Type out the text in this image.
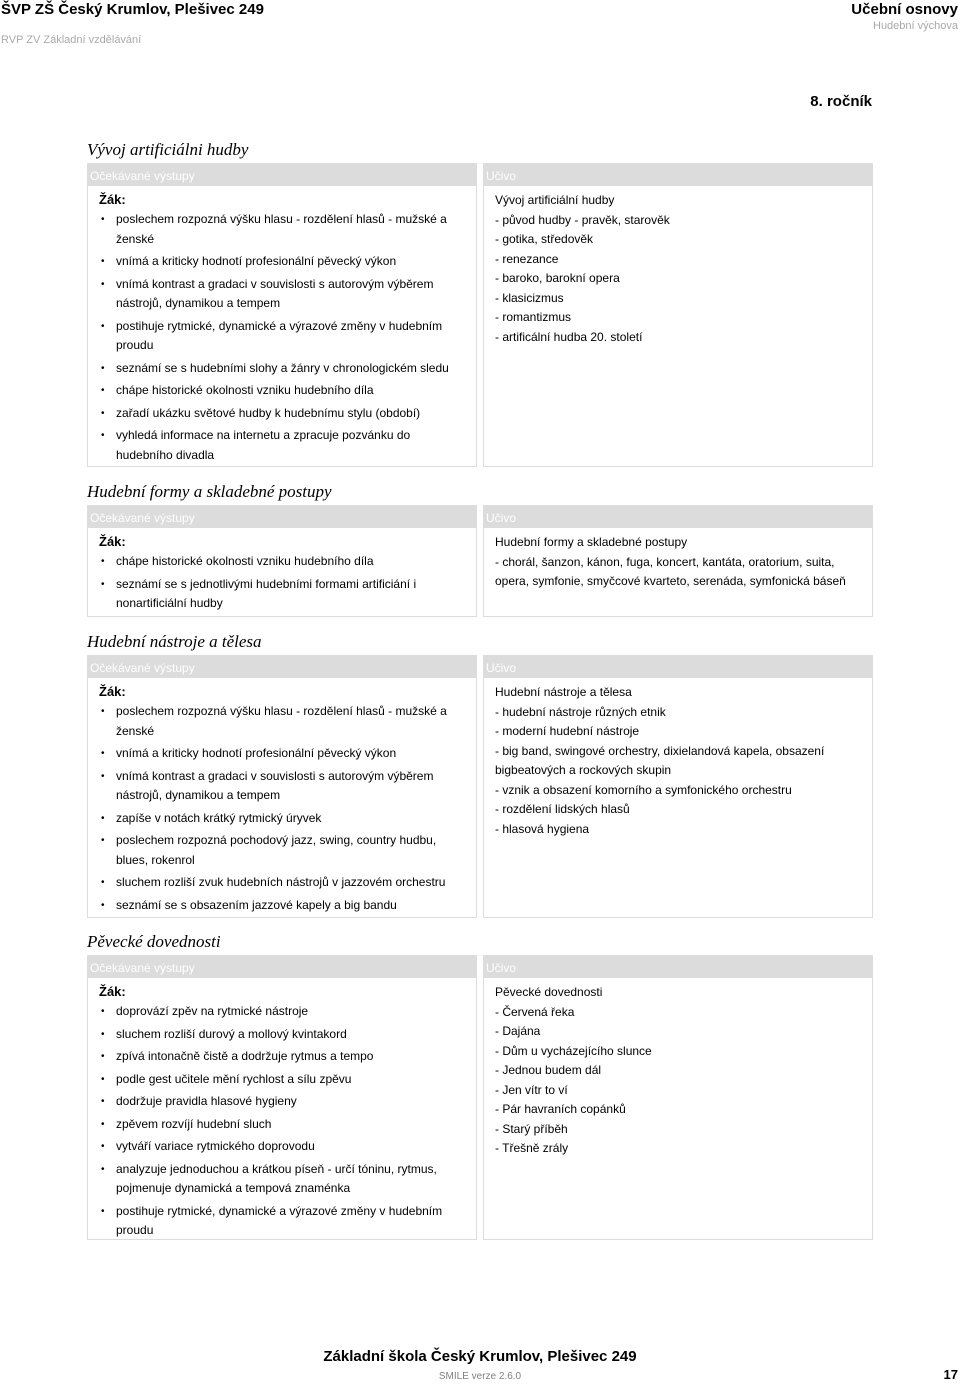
ŠVP ZŠ Český Krumlov, Plešivec 249
RVP ZV Základní vzdělávání
Učební osnovy
Hudební výchova
8. ročník
Vývoj artificiálni hudby
Očekávané výstupy
Žák:
• poslechem rozpozná výšku hlasu - rozdělení hlasů - mužské a ženské
• vnímá a kriticky hodnotí profesionální pěvecký výkon
• vnímá kontrast a gradaci v souvislosti s autorovým výběrem nástrojů, dynamikou a tempem
• postihuje rytmické, dynamické a výrazové změny v hudebním proudu
• seznámí se s hudebními slohy a žánry v chronologickém sledu
• chápe historické okolnosti vzniku hudebního díla
• zařadí ukázku světové hudby k hudebnímu stylu (období)
• vyhledá informace na internetu a zpracuje pozvánku do hudebního divadla
Učivo
Vývoj artificiální hudby
- původ hudby - pravěk, starověk
- gotika, středověk
- renezance
- baroko, barokní opera
- klasicizmus
- romantizmus
- artificální hudba 20. století
Hudební formy a skladebné postupy
Očekávané výstupy
Žák:
• chápe historické okolnosti vzniku hudebního díla
• seznámí se s jednotlivými hudebními formami artificiání i nonartificiální hudby
Učivo
Hudební formy a skladebné postupy
- chorál, šanzon, kánon, fuga, koncert, kantáta, oratorium, suita, opera, symfonie, smyčcové kvarteto, serenáda, symfonická báseň
Hudební nástroje a tělesa
Očekávané výstupy
Žák:
• poslechem rozpozná výšku hlasu - rozdělení hlasů - mužské a ženské
• vnímá a kriticky hodnotí profesionální pěvecký výkon
• vnímá kontrast a gradaci v souvislosti s autorovým výběrem nástrojů, dynamikou a tempem
• zapíše v notách krátký rytmický úryvek
• poslechem rozpozná pochodový jazz, swing, country hudbu, blues, rokenrol
• sluchem rozliší zvuk hudebních nástrojů v jazzovém orchestru
• seznámí se s obsazením jazzové kapely a big bandu
Učivo
Hudební nástroje a tělesa
- hudební nástroje různých etnik
- moderní hudební nástroje
- big band, swingové orchestry, dixielandová kapela, obsazení bigbeatových a rockových skupin
- vznik a obsazení komorního a symfonického orchestru
- rozdělení lidských hlasů
- hlasová hygiena
Pěvecké dovednosti
Očekávané výstupy
Žák:
• doprovází zpěv na rytmické nástroje
• sluchem rozliší durový a mollový kvintakord
• zpívá intonačně čistě a dodržuje rytmus a tempo
• podle gest učitele mění rychlost a sílu zpěvu
• dodržuje pravidla hlasové hygieny
• zpěvem rozvíjí hudební sluch
• vytváří variace rytmického doprovodu
• analyzuje jednoduchou a krátkou píseň - určí tóninu, rytmus, pojmenuje dynamická a tempová znaménka
• postihuje rytmické, dynamické a výrazové změny v hudebním proudu
Učivo
Pěvecké dovednosti
- Červená řeka
- Dajána
- Dům u vycházejícího slunce
- Jednou budem dál
- Jen vítr to ví
- Pár havraních copánků
- Starý příběh
- Třešně zrály
Základní škola Český Krumlov, Plešivec 249
SMILE verze 2.6.0	17
